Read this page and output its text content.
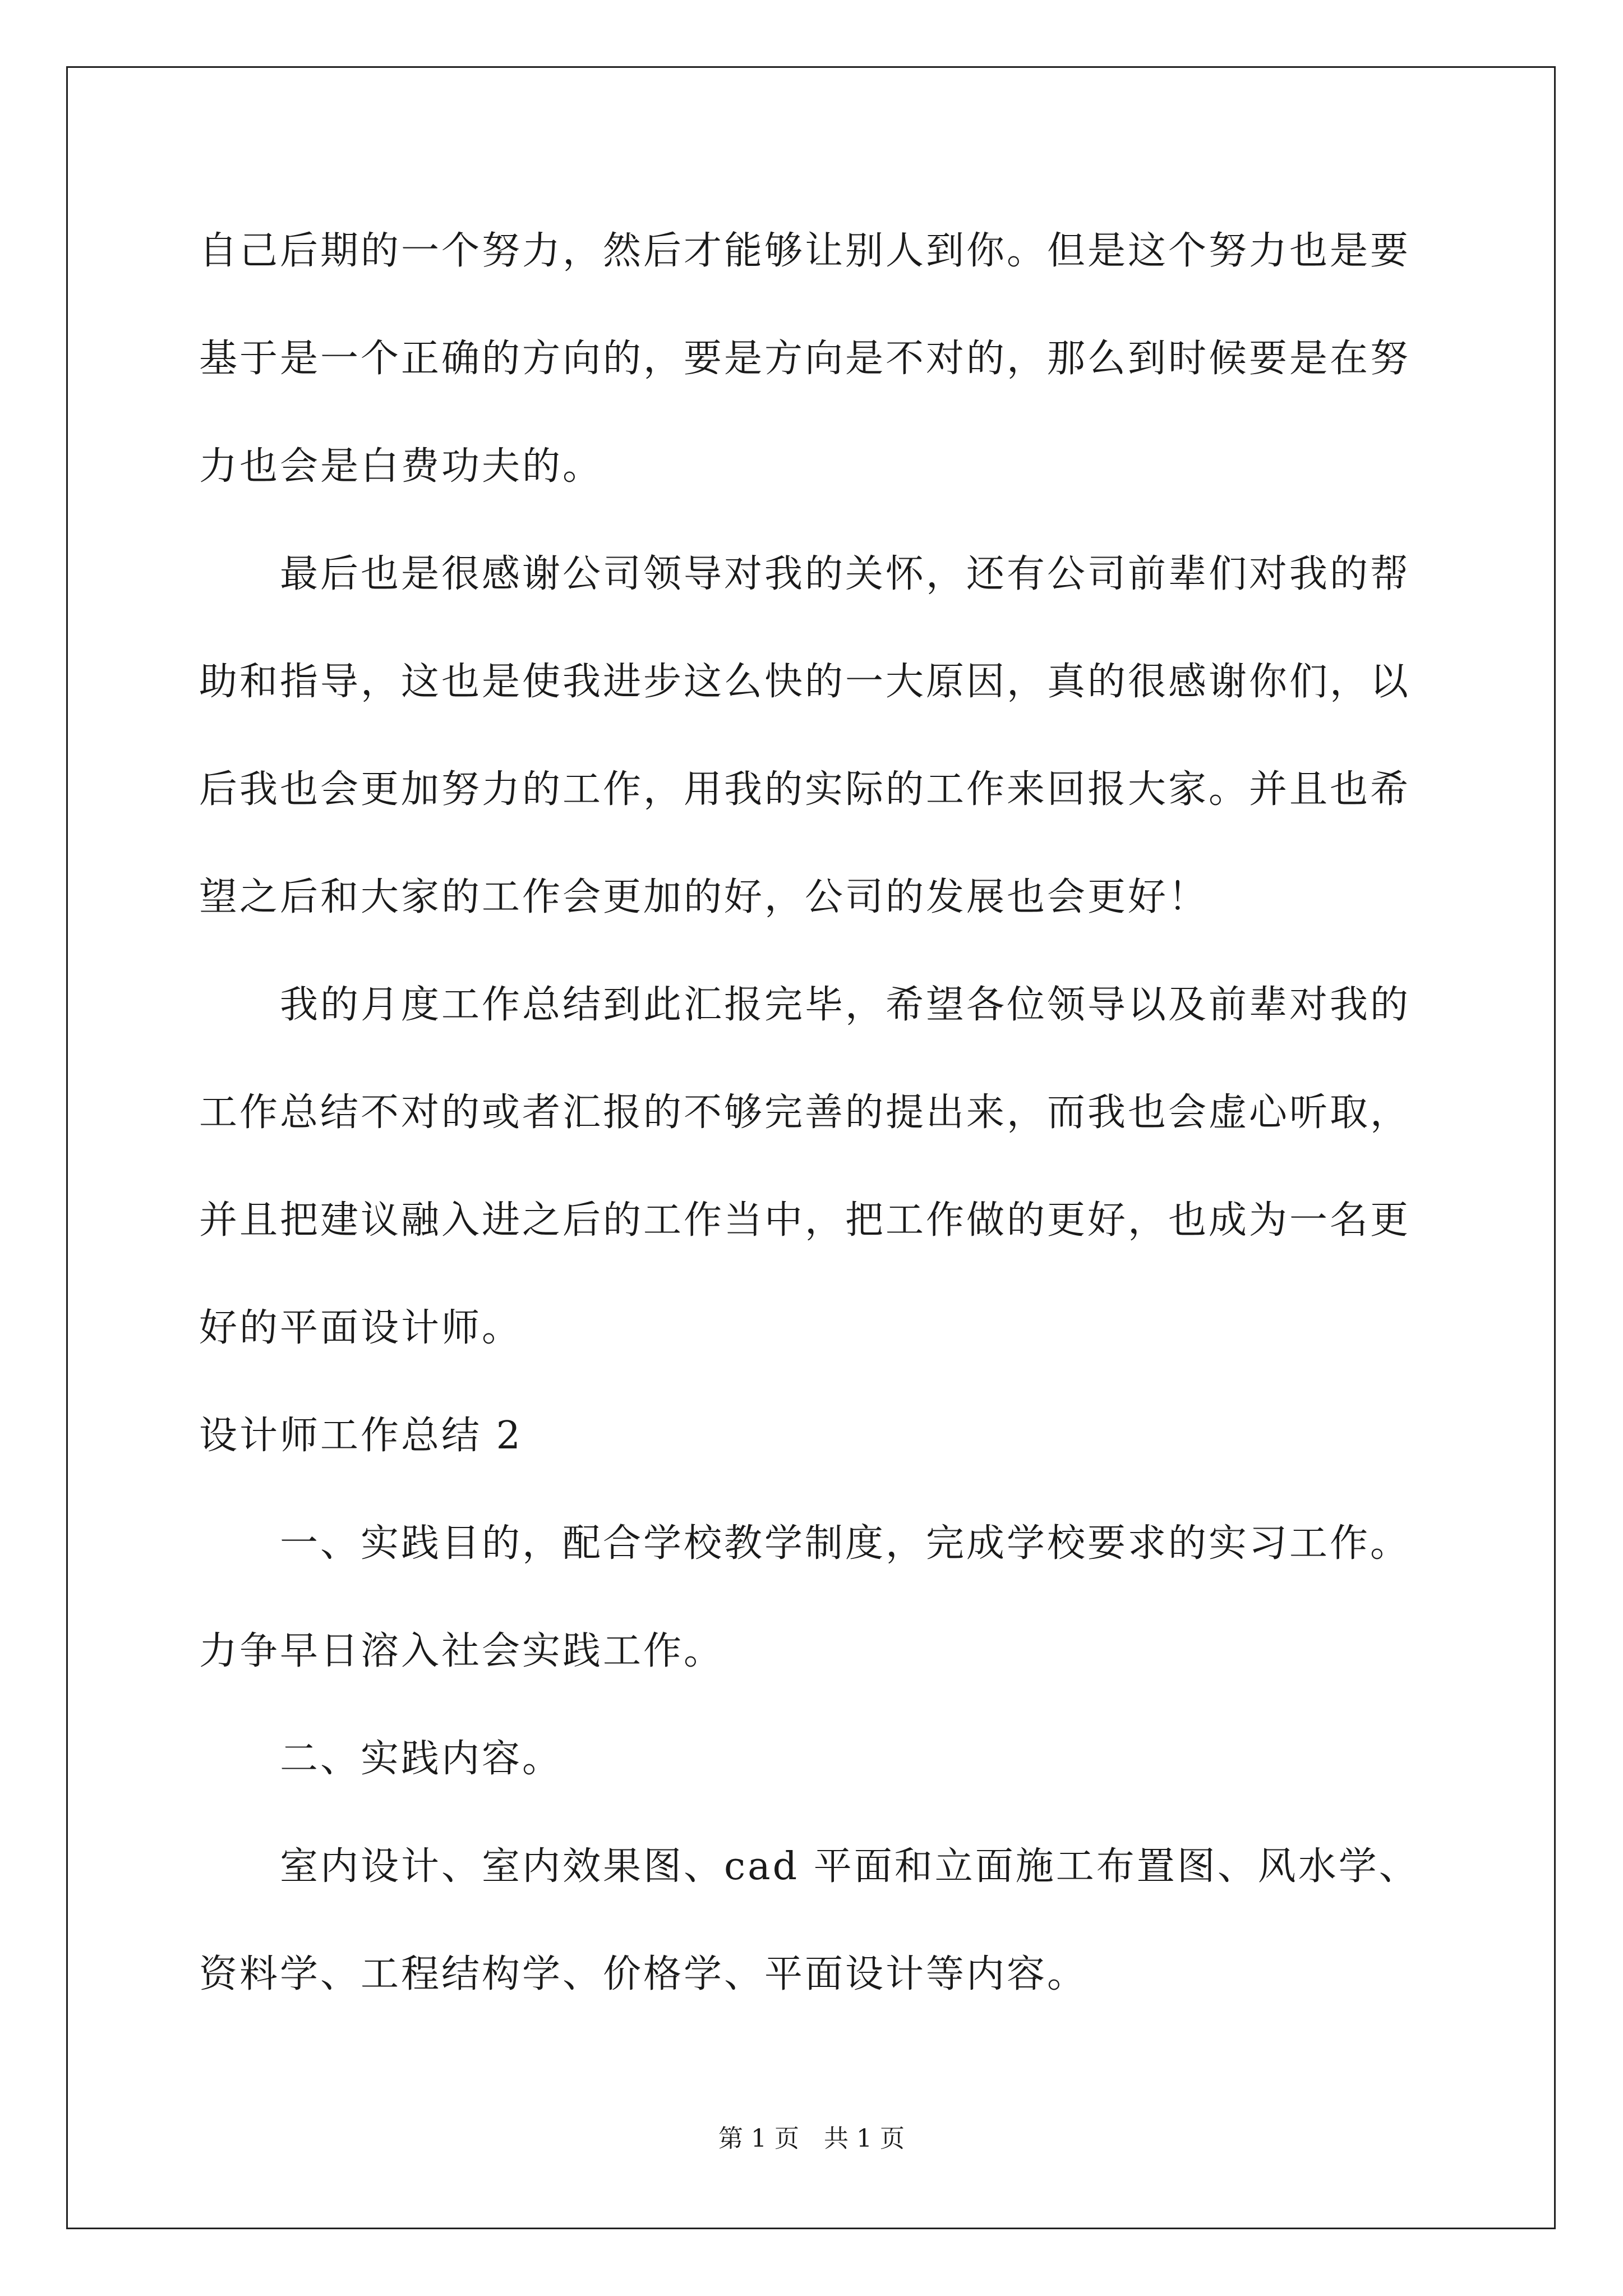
自己后期的一个努力，然后才能够让别人到你。但是这个努力也是要
基于是一个正确的方向的，要是方向是不对的，那么到时候要是在努
力也会是白费功夫的。
　　最后也是很感谢公司领导对我的关怀，还有公司前辈们对我的帮
助和指导，这也是使我进步这么快的一大原因，真的很感谢你们，以
后我也会更加努力的工作，用我的实际的工作来回报大家。并且也希
望之后和大家的工作会更加的好，公司的发展也会更好！
　　我的月度工作总结到此汇报完毕，希望各位领导以及前辈对我的
工作总结不对的或者汇报的不够完善的提出来，而我也会虚心听取，
并且把建议融入进之后的工作当中，把工作做的更好，也成为一名更
好的平面设计师。
设计师工作总结 2
　　一、实践目的，配合学校教学制度，完成学校要求的实习工作。
力争早日溶入社会实践工作。
　　二、实践内容。
　　室内设计、室内效果图、cad 平面和立面施工布置图、风水学、
资料学、工程结构学、价格学、平面设计等内容。
第 1 页　共 1 页
